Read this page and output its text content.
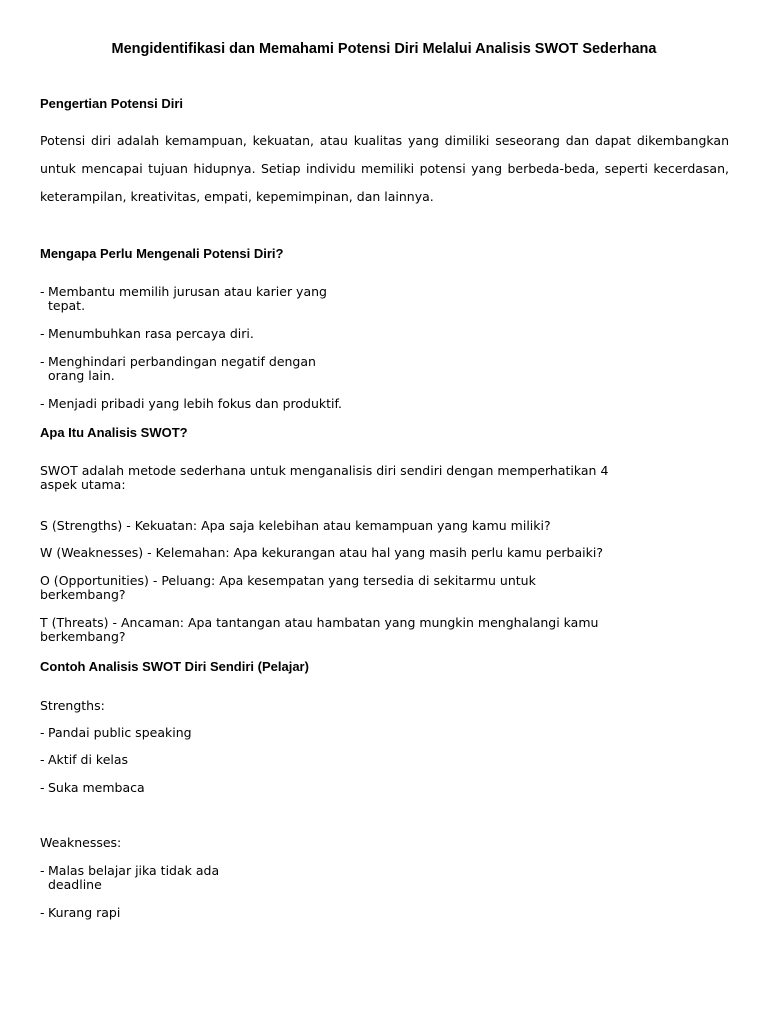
Mengidentifikasi dan Memahami Potensi Diri Melalui Analisis SWOT Sederhana
Pengertian Potensi Diri
Potensi diri adalah kemampuan, kekuatan, atau kualitas yang dimiliki seseorang dan dapat dikembangkan untuk mencapai tujuan hidupnya. Setiap individu memiliki potensi yang berbeda-beda, seperti kecerdasan, keterampilan, kreativitas, empati, kepemimpinan, dan lainnya.
Mengapa Perlu Mengenali Potensi Diri?
- Membantu memilih jurusan atau karier yang
tepat.
- Menumbuhkan rasa percaya diri.
- Menghindari perbandingan negatif dengan
orang lain.
- Menjadi pribadi yang lebih fokus dan produktif.
Apa Itu Analisis SWOT?
SWOT adalah metode sederhana untuk menganalisis diri sendiri dengan memperhatikan 4
aspek utama:
S (Strengths) - Kekuatan: Apa saja kelebihan atau kemampuan yang kamu miliki?
W (Weaknesses) - Kelemahan: Apa kekurangan atau hal yang masih perlu kamu perbaiki?
O (Opportunities) - Peluang: Apa kesempatan yang tersedia di sekitarmu untuk
berkembang?
T (Threats) - Ancaman: Apa tantangan atau hambatan yang mungkin menghalangi kamu
berkembang?
Contoh Analisis SWOT Diri Sendiri (Pelajar)
Strengths:
- Pandai public speaking
- Aktif di kelas
- Suka membaca
Weaknesses:
- Malas belajar jika tidak ada
deadline
- Kurang rapi
